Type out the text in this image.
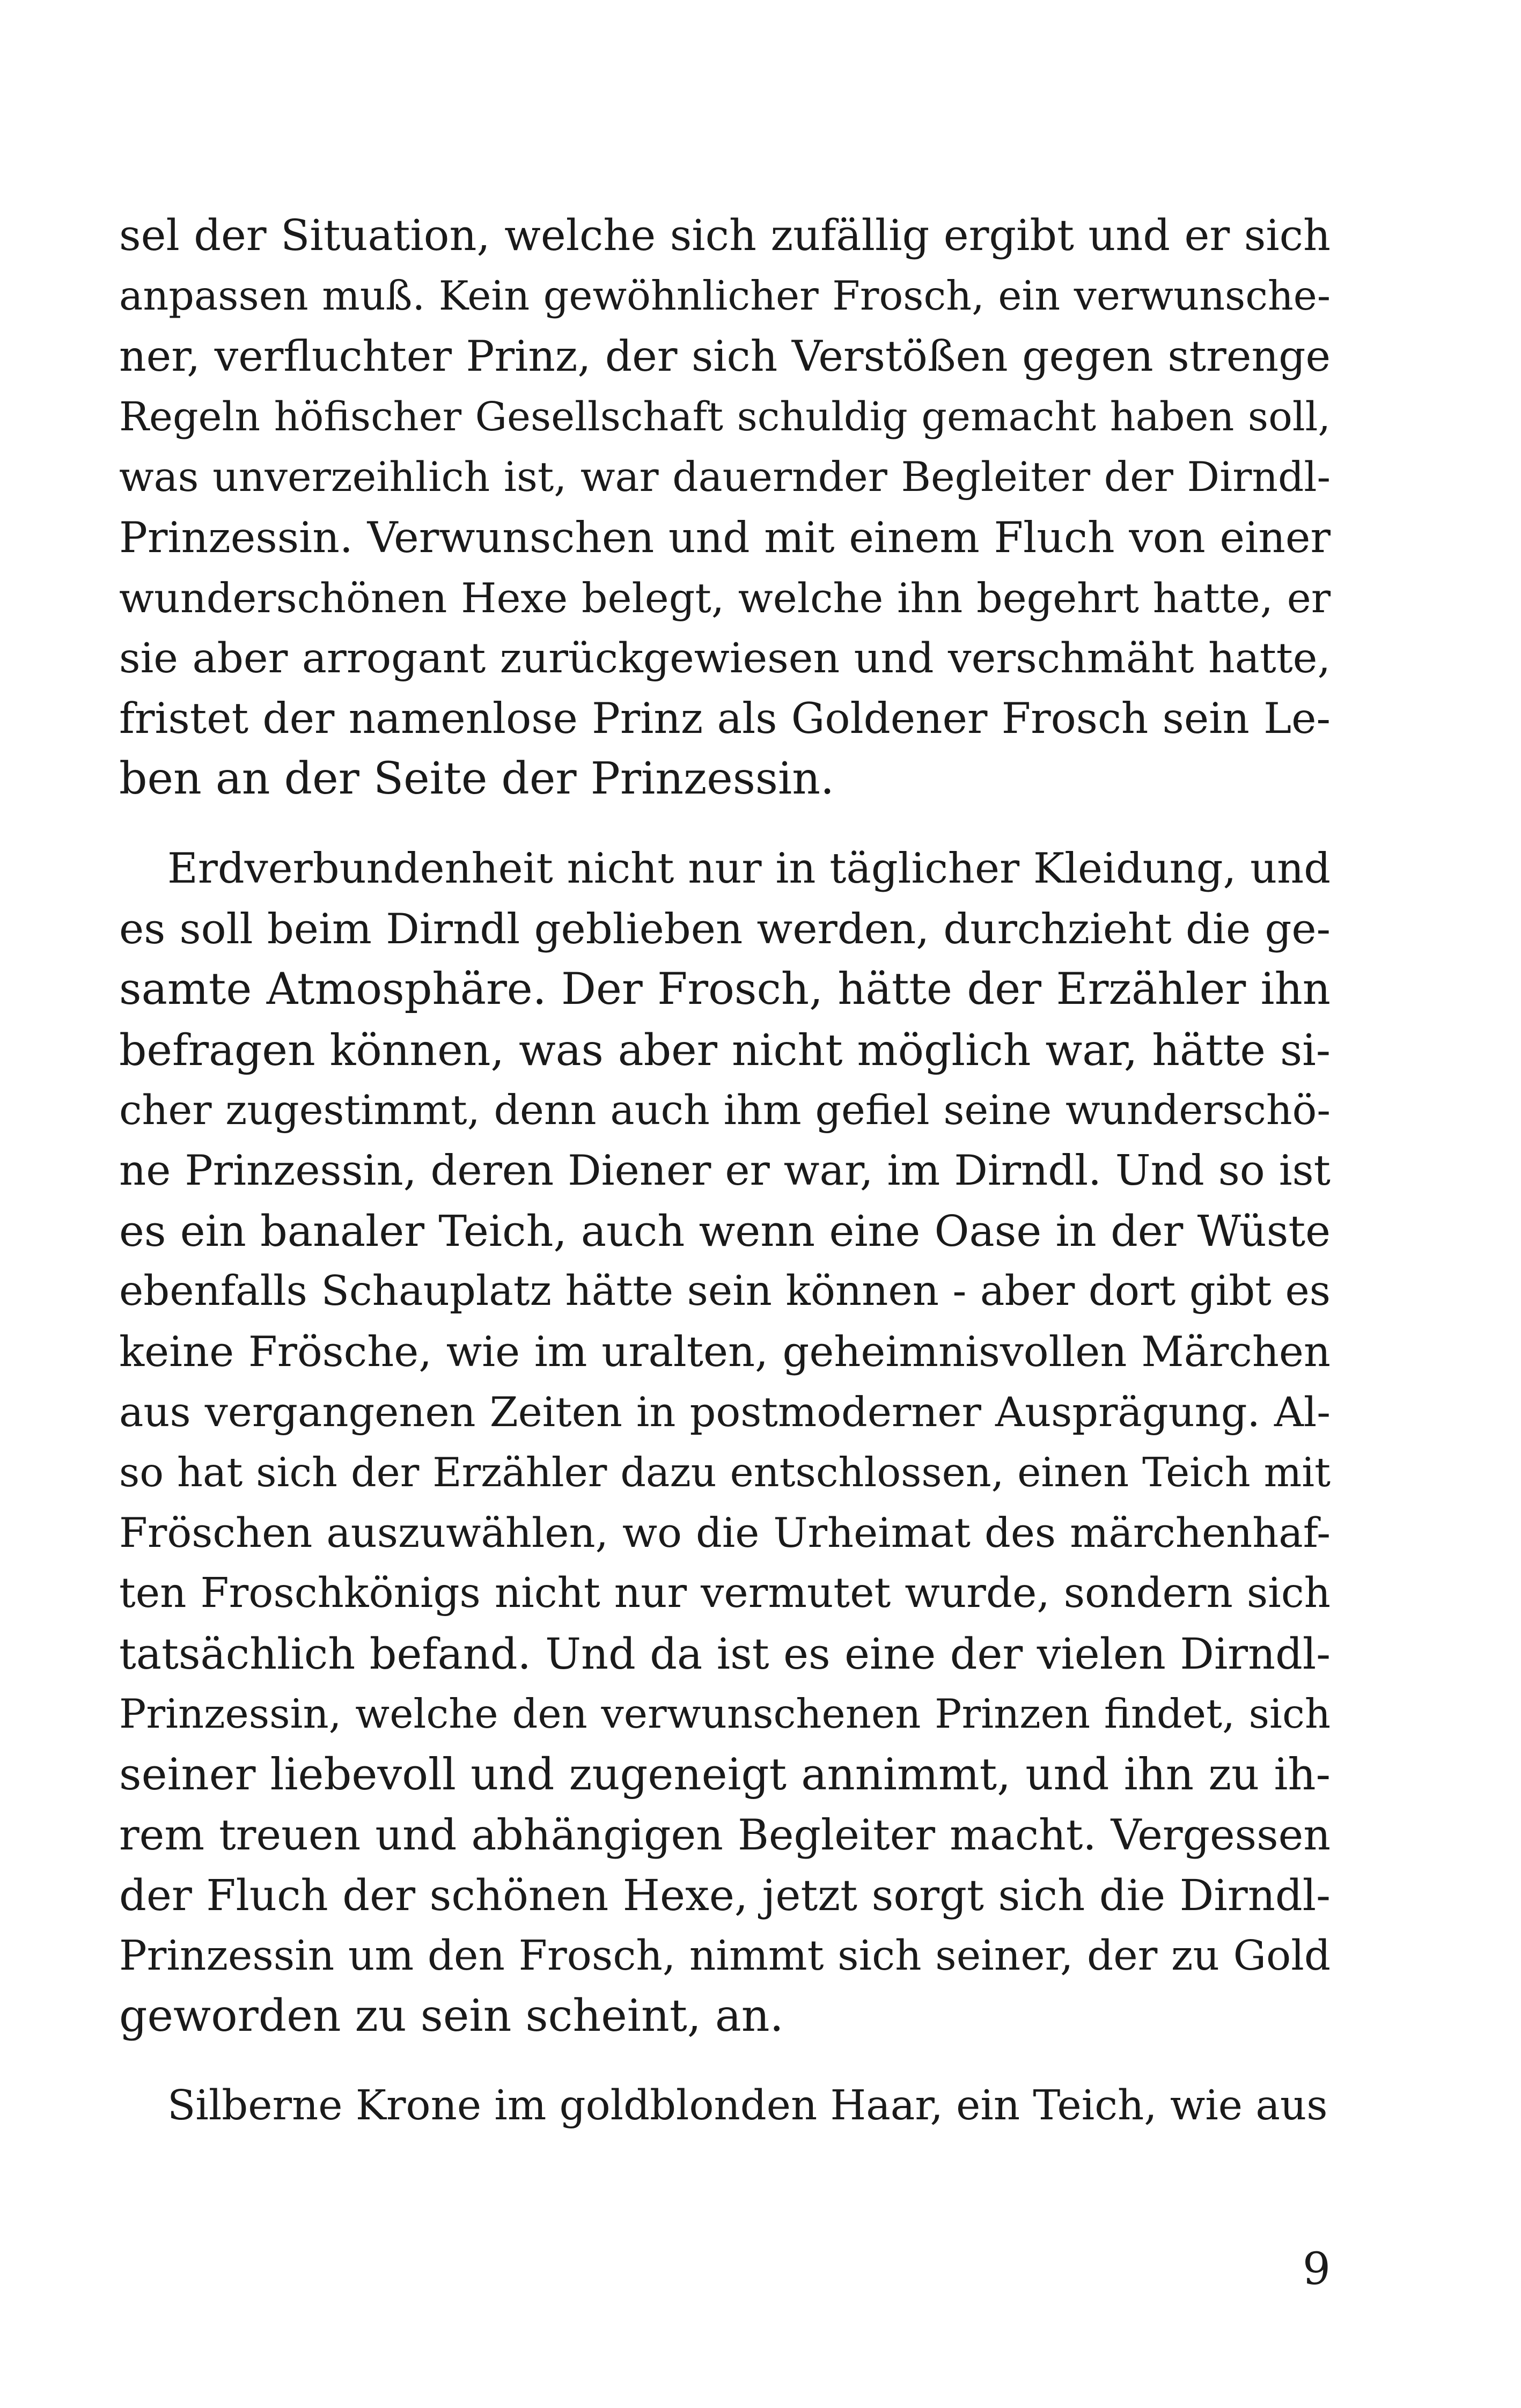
sel der Situation, welche sich zufällig ergibt und er sich
anpassen muß. Kein gewöhnlicher Frosch, ein verwunsche-
ner, verfluchter Prinz, der sich Verstößen gegen strenge
Regeln höfischer Gesellschaft schuldig gemacht haben soll,
was unverzeihlich ist, war dauernder Begleiter der Dirndl-
Prinzessin. Verwunschen und mit einem Fluch von einer
wunderschönen Hexe belegt, welche ihn begehrt hatte, er
sie aber arrogant zurückgewiesen und verschmäht hatte,
fristet der namenlose Prinz als Goldener Frosch sein Le-
ben an der Seite der Prinzessin.
Erdverbundenheit nicht nur in täglicher Kleidung, und
es soll beim Dirndl geblieben werden, durchzieht die ge-
samte Atmosphäre. Der Frosch, hätte der Erzähler ihn
befragen können, was aber nicht möglich war, hätte si-
cher zugestimmt, denn auch ihm gefiel seine wunderschö-
ne Prinzessin, deren Diener er war, im Dirndl. Und so ist
es ein banaler Teich, auch wenn eine Oase in der Wüste
ebenfalls Schauplatz hätte sein können - aber dort gibt es
keine Frösche, wie im uralten, geheimnisvollen Märchen
aus vergangenen Zeiten in postmoderner Ausprägung. Al-
so hat sich der Erzähler dazu entschlossen, einen Teich mit
Fröschen auszuwählen, wo die Urheimat des märchenhaf-
ten Froschkönigs nicht nur vermutet wurde, sondern sich
tatsächlich befand. Und da ist es eine der vielen Dirndl-
Prinzessin, welche den verwunschenen Prinzen findet, sich
seiner liebevoll und zugeneigt annimmt, und ihn zu ih-
rem treuen und abhängigen Begleiter macht. Vergessen
der Fluch der schönen Hexe, jetzt sorgt sich die Dirndl-
Prinzessin um den Frosch, nimmt sich seiner, der zu Gold
geworden zu sein scheint, an.
Silberne Krone im goldblonden Haar, ein Teich, wie aus
9
